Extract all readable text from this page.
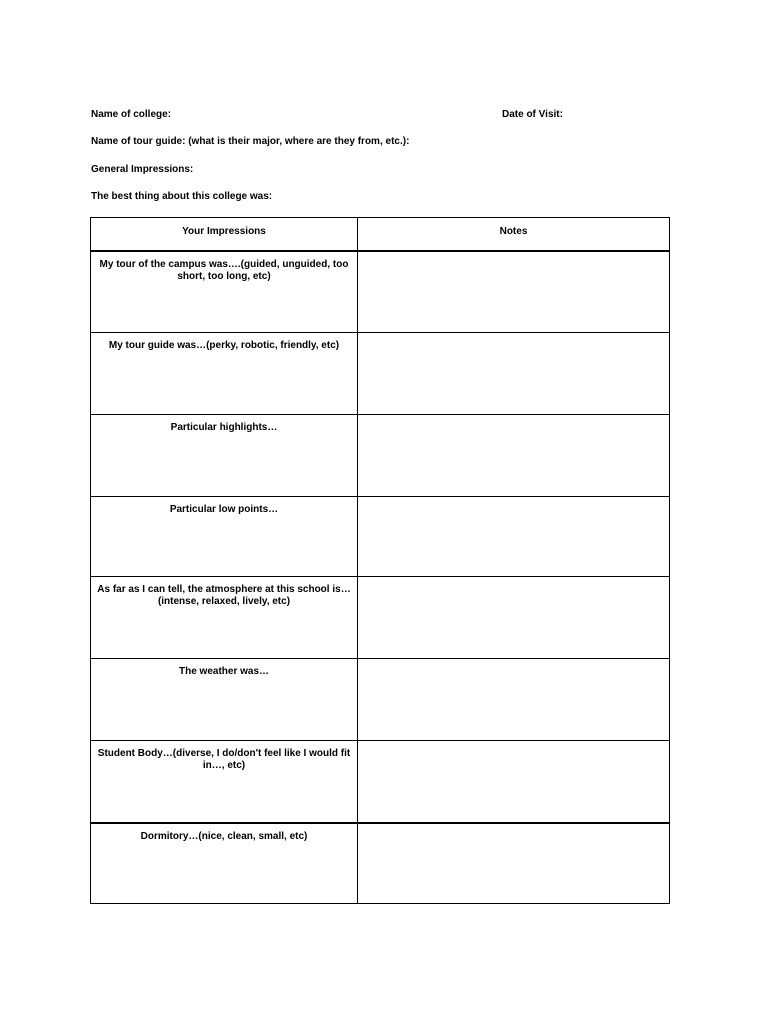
Name of college:	Date of Visit:
Name of tour guide: (what is their major, where are they from, etc.):
General Impressions:
The best thing about this college was:
Your Impressions	Notes
My tour of the campus was….(guided, unguided, too short, too long, etc)	
My tour guide was…(perky, robotic, friendly, etc)	
Particular highlights…	
Particular low points…	
As far as I can tell, the atmosphere at this school is…(intense, relaxed, lively, etc)	
The weather was…	
Student Body…(diverse, I do/don't feel like I would fit in…, etc)	
Dormitory…(nice, clean, small, etc)	
